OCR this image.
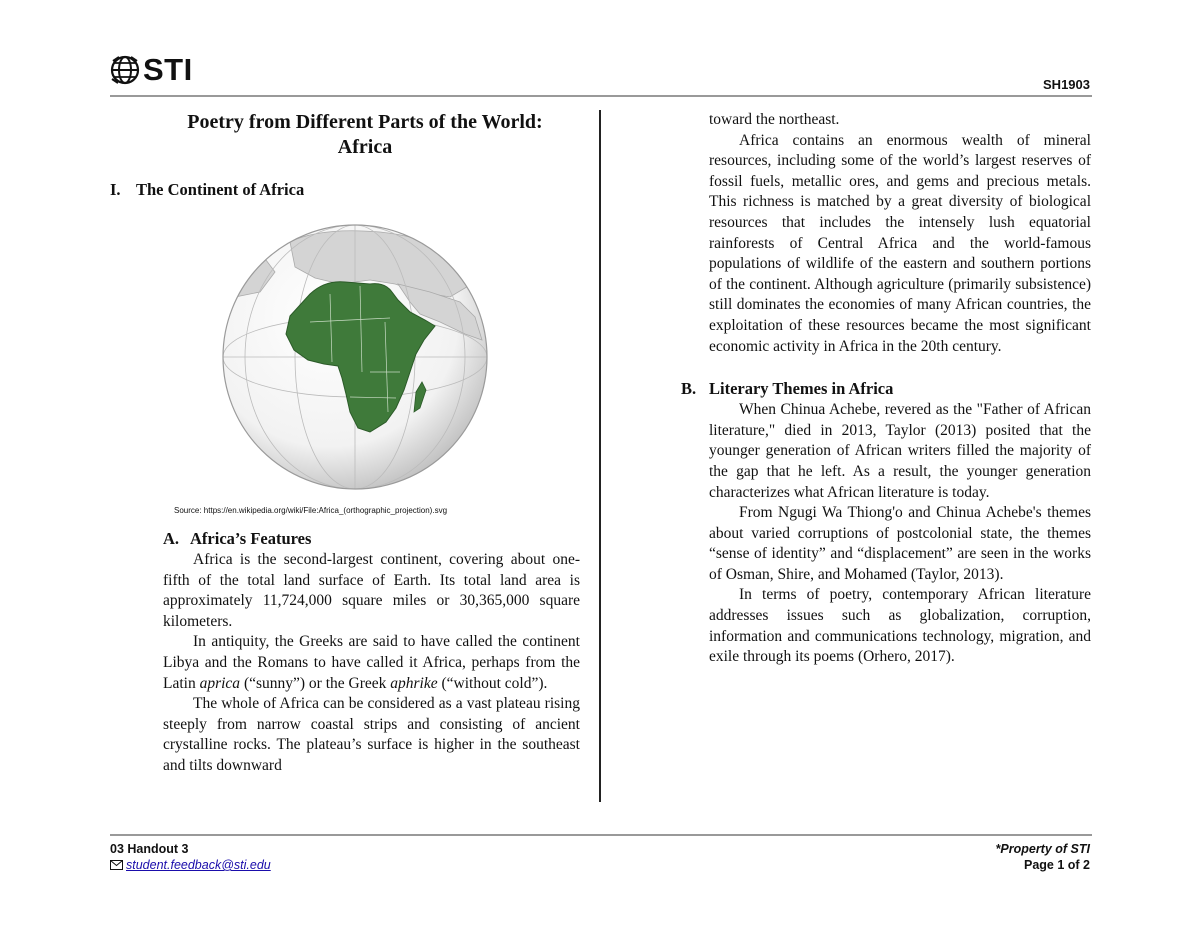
STI	SH1903
Poetry from Different Parts of the World:
Africa
I. The Continent of Africa
Source: https://en.wikipedia.org/wiki/File:Africa_(orthographic_projection).svg
A. Africa’s Features

Africa is the second-largest continent, covering about one-fifth of the total land surface of Earth. Its total land area is approximately 11,724,000 square miles or 30,365,000 square kilometers.

In antiquity, the Greeks are said to have called the continent Libya and the Romans to have called it Africa, perhaps from the Latin aprica (“sunny”) or the Greek aphrike (“without cold”).

The whole of Africa can be considered as a vast plateau rising steeply from narrow coastal strips and consisting of ancient crystalline rocks. The plateau’s surface is higher in the southeast and tilts downward

toward the northeast.

Africa contains an enormous wealth of mineral resources, including some of the world’s largest reserves of fossil fuels, metallic ores, and gems and precious metals. This richness is matched by a great diversity of biological resources that includes the intensely lush equatorial rainforests of Central Africa and the world-famous populations of wildlife of the eastern and southern portions of the continent. Although agriculture (primarily subsistence) still dominates the economies of many African countries, the exploitation of these resources became the most significant economic activity in Africa in the 20th century.

B. Literary Themes in Africa

When Chinua Achebe, revered as the "Father of African literature," died in 2013, Taylor (2013) posited that the younger generation of African writers filled the majority of the gap that he left. As a result, the younger generation characterizes what African literature is today.

From Ngugi Wa Thiong'o and Chinua Achebe's themes about varied corruptions of postcolonial state, the themes “sense of identity” and “displacement” are seen in the works of Osman, Shire, and Mohamed (Taylor, 2013).

In terms of poetry, contemporary African literature addresses issues such as globalization, corruption, information and communications technology, migration, and exile through its poems (Orhero, 2017).

03 Handout 3
student.feedback@sti.edu
*Property of STI
Page 1 of 2
